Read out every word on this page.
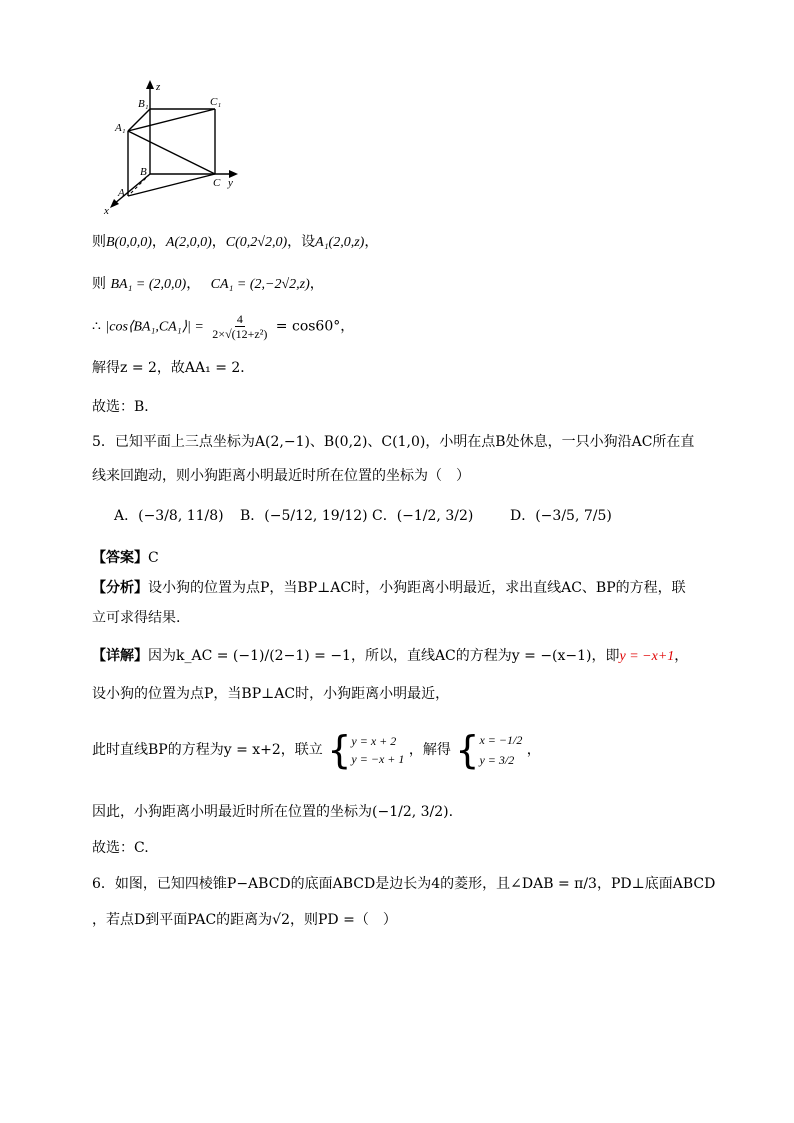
z
y
x
B₁	C₁
A₁
B
C
A
则B(0,0,0)，A(2,0,0)，C(0,2√2,0)，设A₁(2,0,z)，
则 BA₁ = (2,0,0)， CA₁ = (2,−2√2,z)，
∴ |cos⟨BA₁,CA₁⟩| = $\frac{4}{\text{2×√(12+z²)}} = \cos 60^\circ$，
解得z = 2，故AA₁ = 2．
故选：B．
5．已知平面上三点坐标为A(2,−1)、B(0,2)、C(1,0)，小明在点B处休息，一只小狗沿AC所在直
线来回跑动，则小狗距离小明最近时所在位置的坐标为（　）
A．(−3/8, 11/8) B．(−5/12, 19/12) C．(−1/2, 3/2)	D．(−3/5, 7/5)
【答案】C
【分析】设小狗的位置为点P，当BP⊥AC时，小狗距离小明最近，求出直线AC、BP的方程，联
立可求得结果.
【详解】因为k_AC = (−1)/(2−1) = −1，所以，直线AC的方程为y = −(x−1)，即y = −x+1，
设小狗的位置为点P，当BP⊥AC时，小狗距离小明最近，
此时直线BP的方程为y = x+2，联立 { y = x + 2
y = −x + 1
，解得 { x = −1/2
y = 3/2
，
因此，小狗距离小明最近时所在位置的坐标为(−1/2, 3/2).
故选：C.
6．如图，已知四棱锥P−ABCD的底面ABCD是边长为4的菱形，且∠DAB = π/3，PD⊥底面ABCD
，若点D到平面PAC的距离为√2，则PD =（　）
